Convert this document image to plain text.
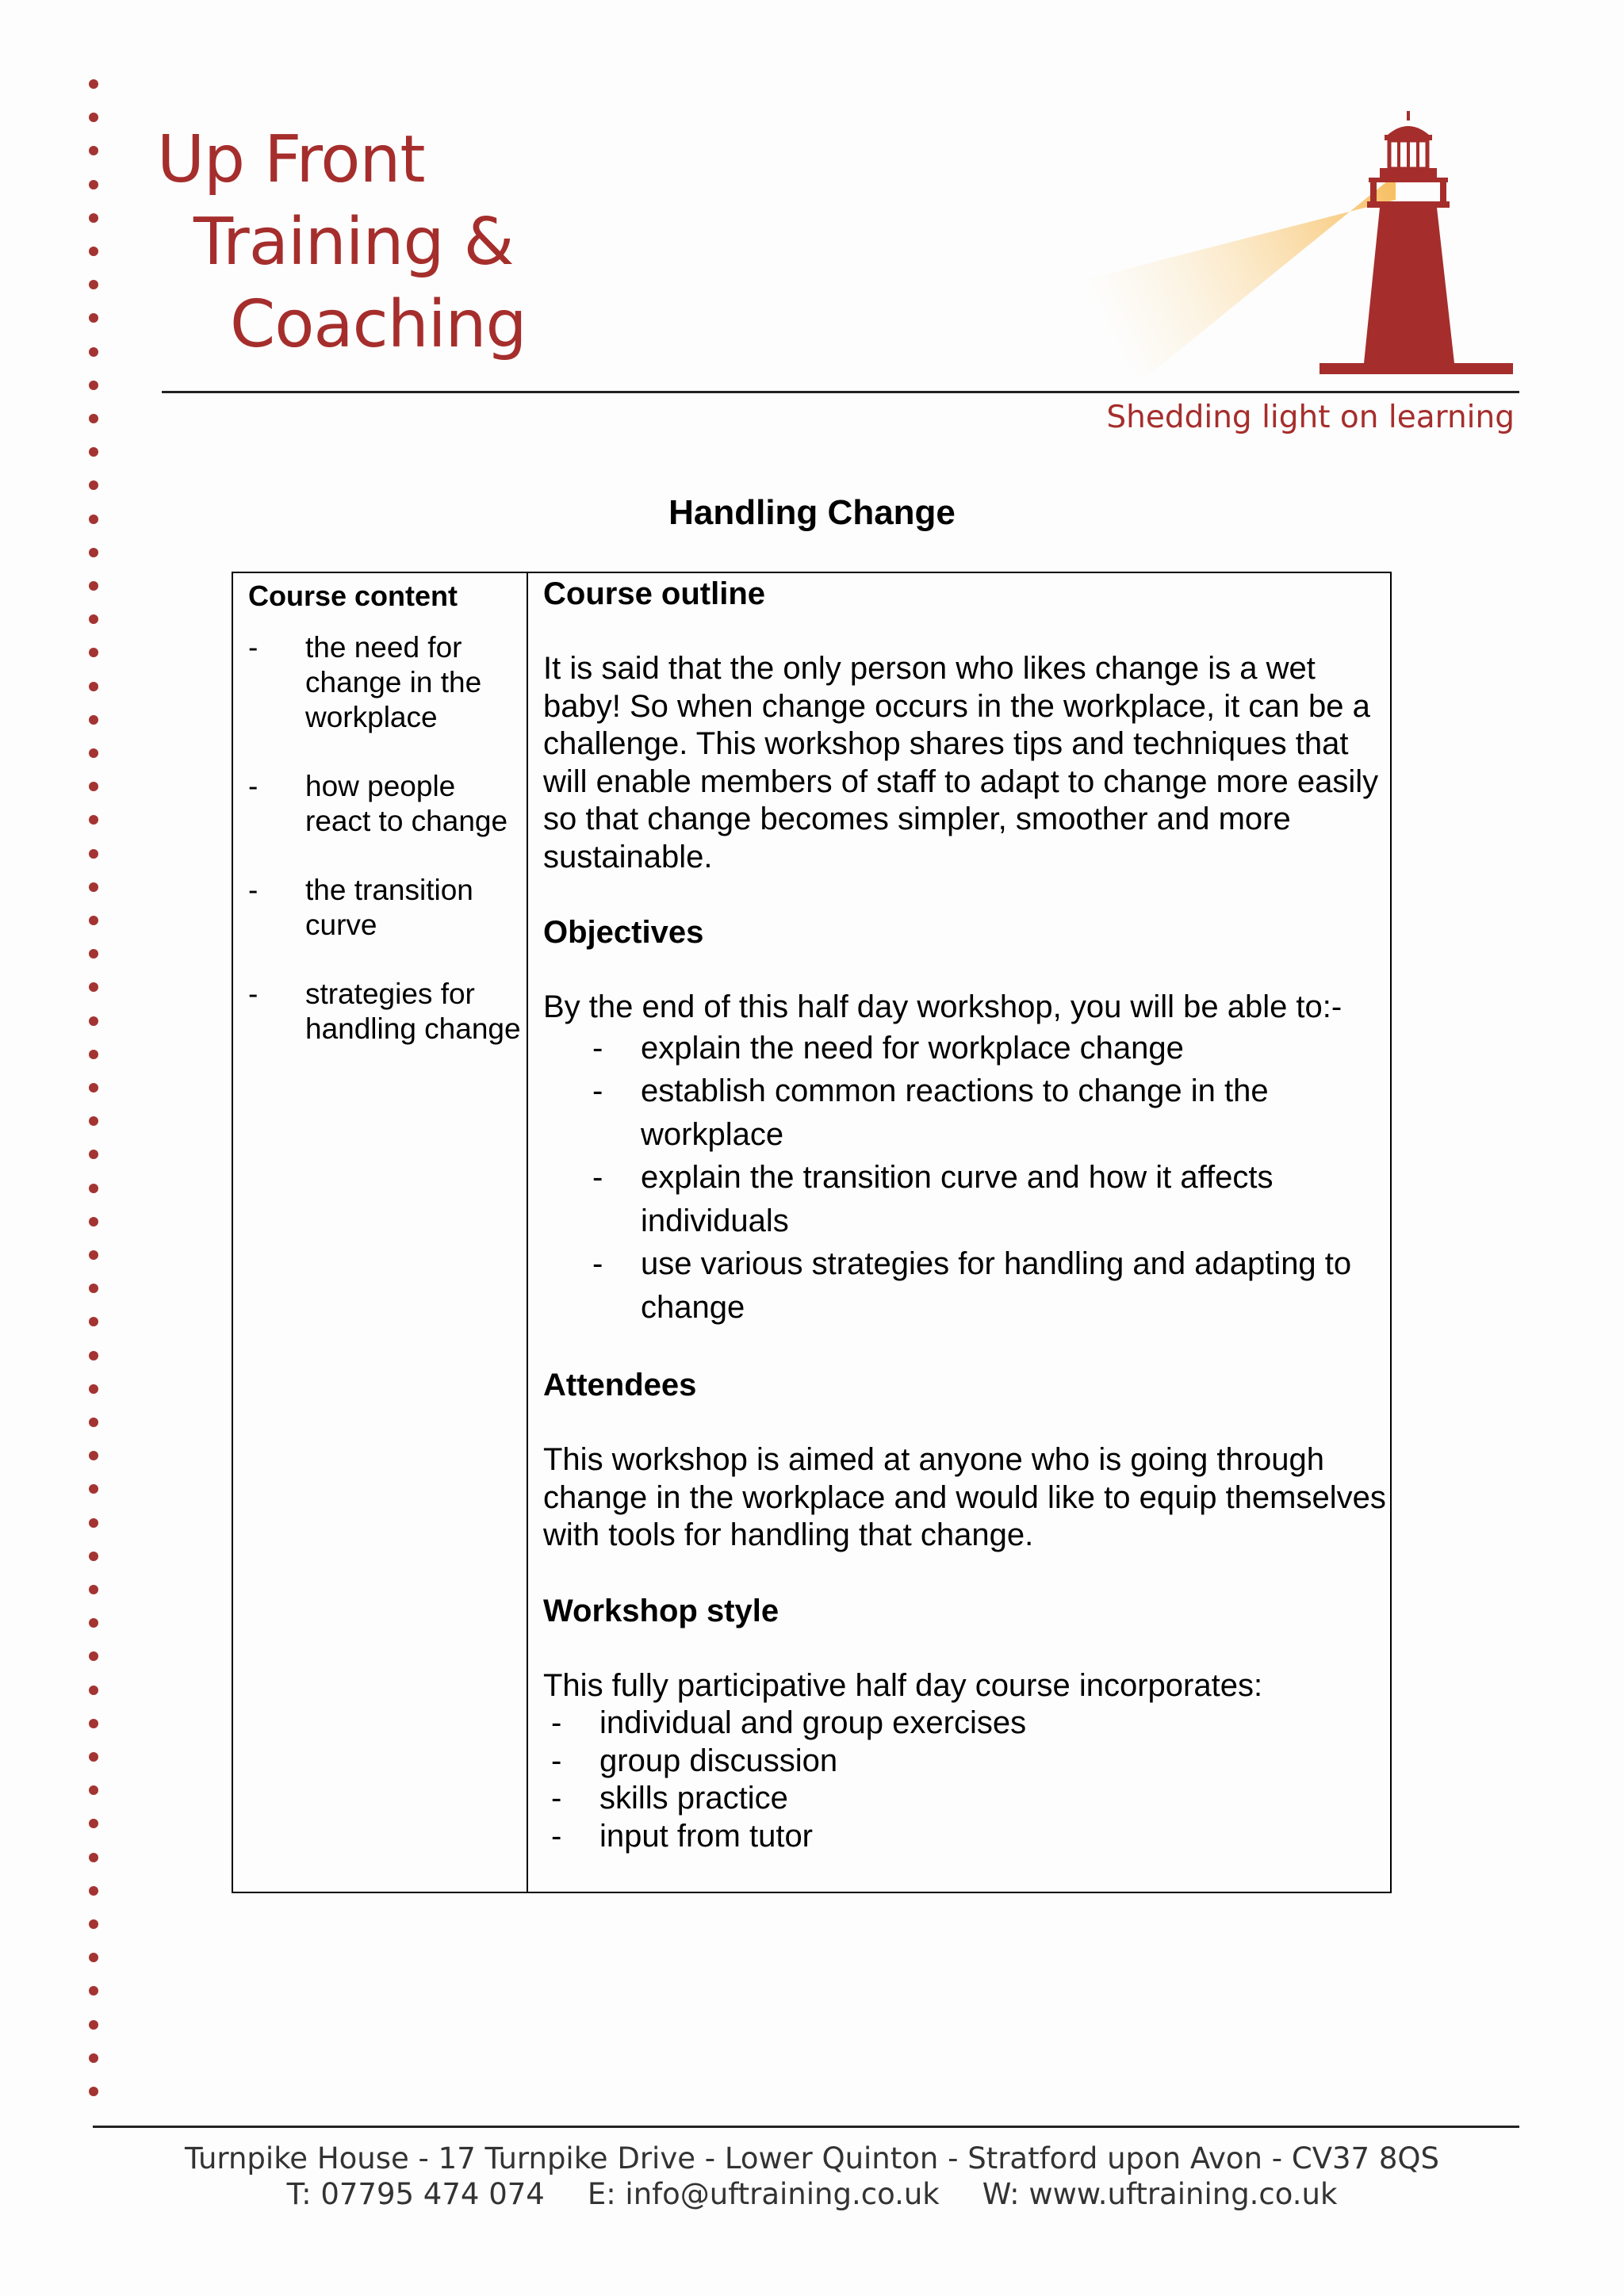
Up Front
Training &
Coaching
Shedding light on learning
Handling Change
Course content
- the need for change in the workplace
- how people react to change
- the transition curve
- strategies for handling change
Course outline

It is said that the only person who likes change is a wet baby! So when change occurs in the workplace, it can be a challenge. This workshop shares tips and techniques that will enable members of staff to adapt to change more easily so that change becomes simpler, smoother and more sustainable.

Objectives

By the end of this half day workshop, you will be able to:-

- explain the need for workplace change
- establish common reactions to change in the workplace
- explain the transition curve and how it affects individuals
- use various strategies for handling and adapting to change
Attendees

This workshop is aimed at anyone who is going through change in the workplace and would like to equip themselves with tools for handling that change.

Workshop style

This fully participative half day course incorporates:

- individual and group exercises
- group discussion
- skills practice
- input from tutor
Turnpike House - 17 Turnpike Drive - Lower Quinton - Stratford upon Avon - CV37 8QS
T: 07795 474 074 E: info@uftraining.co.uk W: www.uftraining.co.uk
